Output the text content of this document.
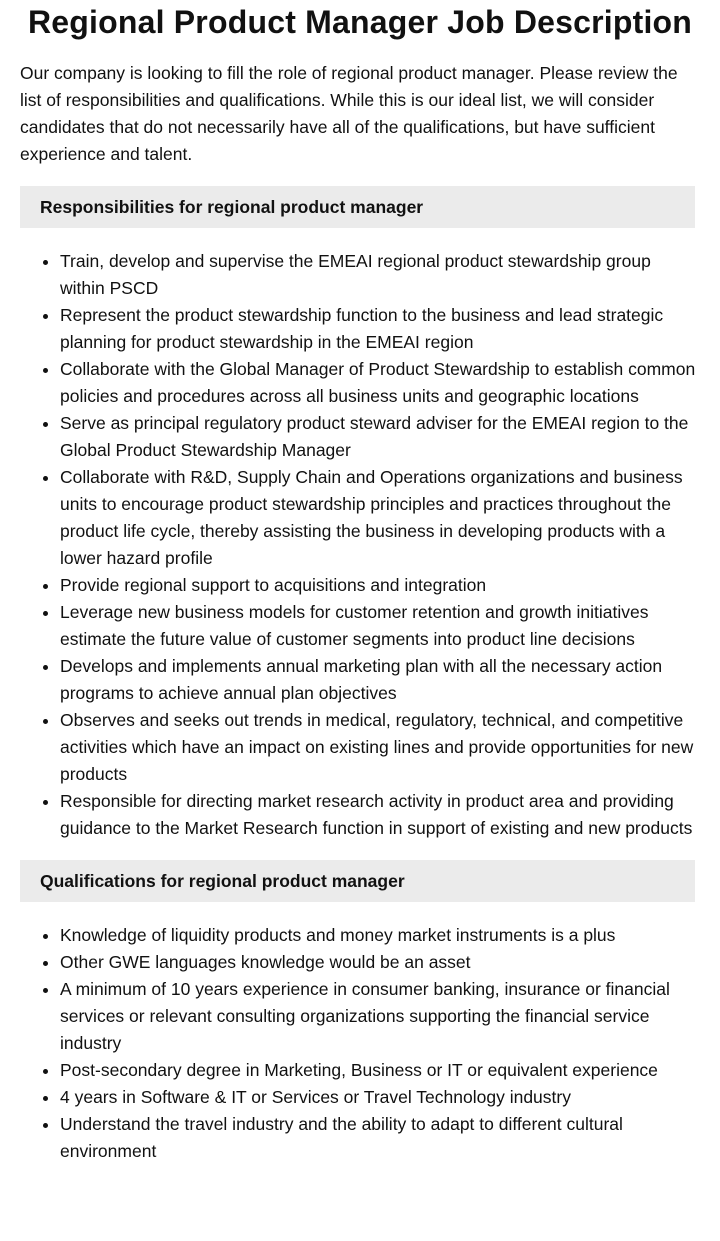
Regional Product Manager Job Description

Our company is looking to fill the role of regional product manager. Please review the list of responsibilities and qualifications. While this is our ideal list, we will consider candidates that do not necessarily have all of the qualifications, but have sufficient experience and talent.

Responsibilities for regional product manager
• Train, develop and supervise the EMEAI regional product stewardship group within PSCD
• Represent the product stewardship function to the business and lead strategic planning for product stewardship in the EMEAI region
• Collaborate with the Global Manager of Product Stewardship to establish common policies and procedures across all business units and geographic locations
• Serve as principal regulatory product steward adviser for the EMEAI region to the Global Product Stewardship Manager
• Collaborate with R&D, Supply Chain and Operations organizations and business units to encourage product stewardship principles and practices throughout the product life cycle, thereby assisting the business in developing products with a lower hazard profile
• Provide regional support to acquisitions and integration
• Leverage new business models for customer retention and growth initiatives estimate the future value of customer segments into product line decisions
• Develops and implements annual marketing plan with all the necessary action programs to achieve annual plan objectives
• Observes and seeks out trends in medical, regulatory, technical, and competitive activities which have an impact on existing lines and provide opportunities for new products
• Responsible for directing market research activity in product area and providing guidance to the Market Research function in support of existing and new products
Qualifications for regional product manager
• Knowledge of liquidity products and money market instruments is a plus
• Other GWE languages knowledge would be an asset
• A minimum of 10 years experience in consumer banking, insurance or financial services or relevant consulting organizations supporting the financial service industry
• Post-secondary degree in Marketing, Business or IT or equivalent experience
• 4 years in Software & IT or Services or Travel Technology industry
• Understand the travel industry and the ability to adapt to different cultural environment
